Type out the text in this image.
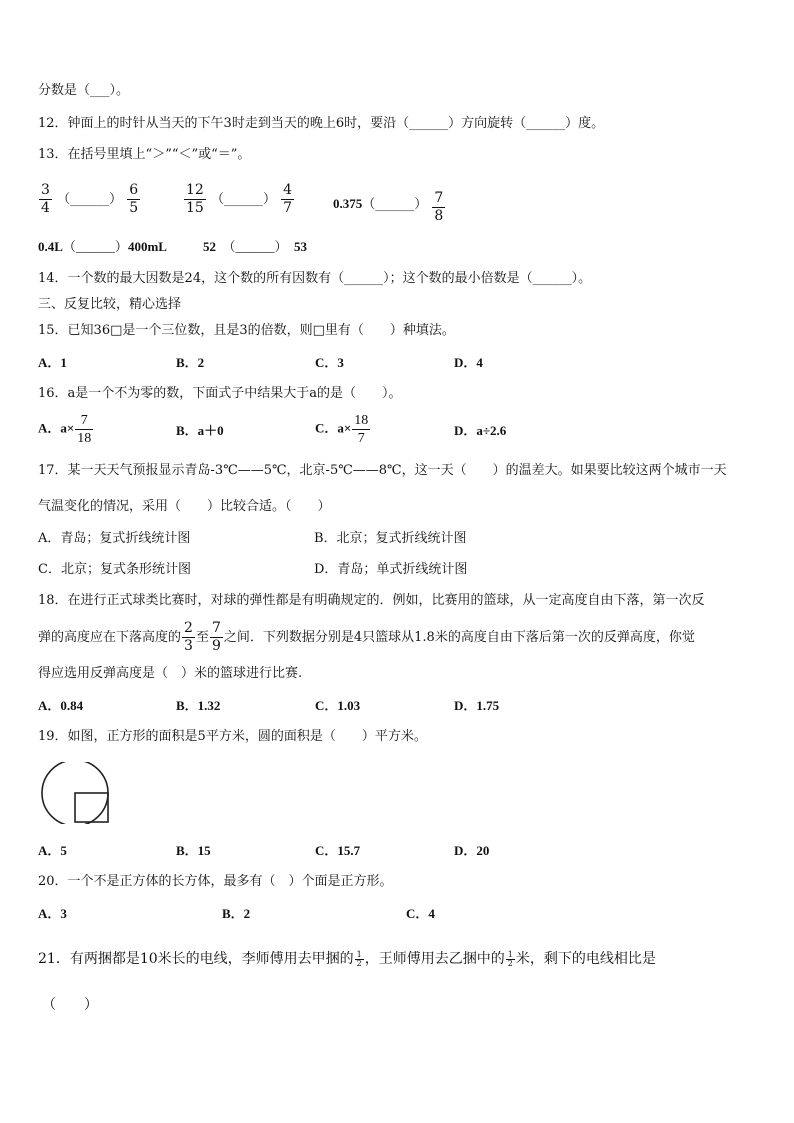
分数是（___）。
12．钟面上的时针从当天的下午3时走到当天的晚上6时，要沿（______）方向旋转（______）度。
13．在括号里填上“＞”“＜”或“＝”。
$\frac{3}{4}$ （______） $\frac{6}{5}$	$\frac{12}{15}$ （______） $\frac{4}{7}$	0.375（______） $\frac{7}{8}$
0.4L（______）400mL	52 （______） 53
14．一个数的最大因数是24，这个数的所有因数有（______）；这个数的最小倍数是（______）。
三、反复比较，精心选择
15．已知36□是一个三位数，且是3的倍数，则□里有（　　）种填法。
A．1	B．2	C．3	D．4
16．a是一个不为零的数，下面式子中结果大于a的是（　　）。
A．$a\times \frac{7}{18}$	B．a＋0	C．$a\times \frac{18}{7}$	D．a÷2.6
17．某一天天气预报显示青岛-3℃——5℃，北京-5℃——8℃，这一天（　　）的温差大。如果要比较这两个城市一天
气温变化的情况，采用（　　）比较合适。（　　）
A．青岛；复式折线统计图	B．北京；复式折线统计图
C．北京；复式条形统计图	D．青岛；单式折线统计图
18．在进行正式球类比赛时，对球的弹性都是有明确规定的．例如，比赛用的篮球，从一定高度自由下落，第一次反
弹的高度应在下落高度的 $\frac{2}{3}$ 至 $\frac{7}{9}$ 之间．下列数据分别是4只篮球从1.8米的高度自由下落后第一次的反弹高度，你觉
得应选用反弹高度是（　）米的篮球进行比赛.
A．0.84	B．1.32	C．1.03	D．1.75
19．如图，正方形的面积是5平方米，圆的面积是（　　）平方米。
A．5	B．15	C．15.7	D．20
20．一个不是正方体的长方体，最多有（　）个面是正方形。
A．3	B．2	C．4
21．有两捆都是10米长的电线，李师傅用去甲捆的 $\frac{1}{2}$ ，王师傅用去乙捆中的 $\frac{1}{2}$ 米，剩下的电线相比是
（　　）
